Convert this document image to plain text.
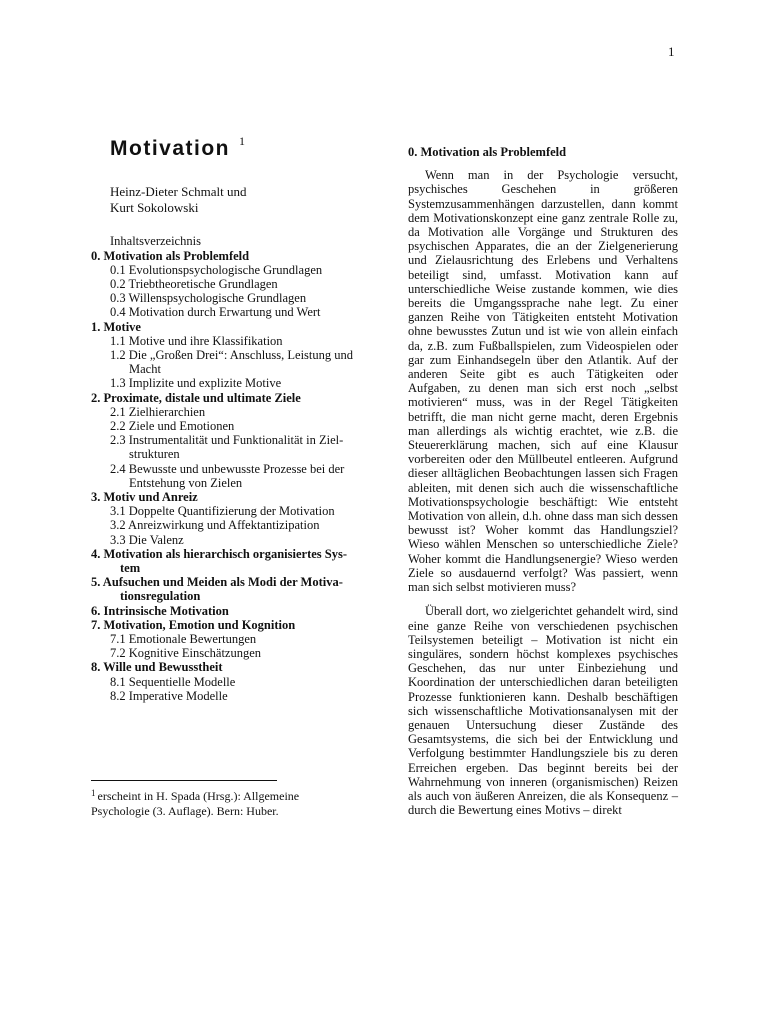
1
Motivation 1
Heinz-Dieter Schmalt und
Kurt Sokolowski
Inhaltsverzeichnis
0. Motivation als Problemfeld
0.1 Evolutionspsychologische Grundlagen
0.2 Triebtheoretische Grundlagen
0.3 Willenspsychologische Grundlagen
0.4 Motivation durch Erwartung und Wert
1. Motive
1.1 Motive und ihre Klassifikation
1.2 Die „Großen Drei“: Anschluss, Leistung und Macht
1.3 Implizite und explizite Motive
2. Proximate, distale und ultimate Ziele
2.1 Zielhierarchien
2.2 Ziele und Emotionen
2.3 Instrumentalität und Funktionalität in Ziel-strukturen
2.4 Bewusste und unbewusste Prozesse bei der Entstehung von Zielen
3. Motiv und Anreiz
3.1 Doppelte Quantifizierung der Motivation
3.2 Anreizwirkung und Affektantizipation
3.3 Die Valenz
4. Motivation als hierarchisch organisiertes Sys-tem
5. Aufsuchen und Meiden als Modi der Motiva-tionsregulation
6. Intrinsische Motivation
7. Motivation, Emotion und Kognition
7.1 Emotionale Bewertungen
7.2 Kognitive Einschätzungen
8. Wille und Bewusstheit
8.1 Sequentielle Modelle
8.2 Imperative Modelle
$^1$ erscheint in H. Spada (Hrsg.): Allgemeine Psychologie (3. Auflage). Bern: Huber.
0. Motivation als Problemfeld

Wenn man in der Psychologie versucht, psychisches Geschehen in größeren Systemzusammenhängen darzustellen, dann kommt dem Motivationskonzept eine ganz zentrale Rolle zu, da Motivation alle Vorgänge und Strukturen des psychischen Apparates, die an der Zielgenerierung und Zielausrichtung des Erlebens und Verhaltens beteiligt sind, umfasst. Motivation kann auf unterschiedliche Weise zustande kommen, wie dies bereits die Umgangssprache nahe legt. Zu einer ganzen Reihe von Tätigkeiten entsteht Motivation ohne bewusstes Zutun und ist wie von allein einfach da, z.B. zum Fußballspielen, zum Videospielen oder gar zum Einhandsegeln über den Atlantik. Auf der anderen Seite gibt es auch Tätigkeiten oder Aufgaben, zu denen man sich erst noch „selbst motivieren“ muss, was in der Regel Tätigkeiten betrifft, die man nicht gerne macht, deren Ergebnis man allerdings als wichtig erachtet, wie z.B. die Steuererklärung machen, sich auf eine Klausur vorbereiten oder den Müllbeutel entleeren. Aufgrund dieser alltäglichen Beobachtungen lassen sich Fragen ableiten, mit denen sich auch die wissenschaftliche Motivationspsychologie beschäftigt: Wie entsteht Motivation von allein, d.h. ohne dass man sich dessen bewusst ist? Woher kommt das Handlungsziel? Wieso wählen Menschen so unterschiedliche Ziele? Woher kommt die Handlungsenergie? Wieso werden Ziele so ausdauernd verfolgt? Was passiert, wenn man sich selbst motivieren muss?

Überall dort, wo zielgerichtet gehandelt wird, sind eine ganze Reihe von verschiedenen psychischen Teilsystemen beteiligt – Motivation ist nicht ein singuläres, sondern höchst komplexes psychisches Geschehen, das nur unter Einbeziehung und Koordination der unterschiedlichen daran beteiligten Prozesse funktionieren kann. Deshalb beschäftigen sich wissenschaftliche Motivationsanalysen mit der genauen Untersuchung dieser Zustände des Gesamtsystems, die sich bei der Entwicklung und Verfolgung bestimmter Handlungsziele bis zu deren Erreichen ergeben. Das beginnt bereits bei der Wahrnehmung von inneren (organismischen) Reizen als auch von äußeren Anreizen, die als Konsequenz – durch die Bewertung eines Motivs – direkt
